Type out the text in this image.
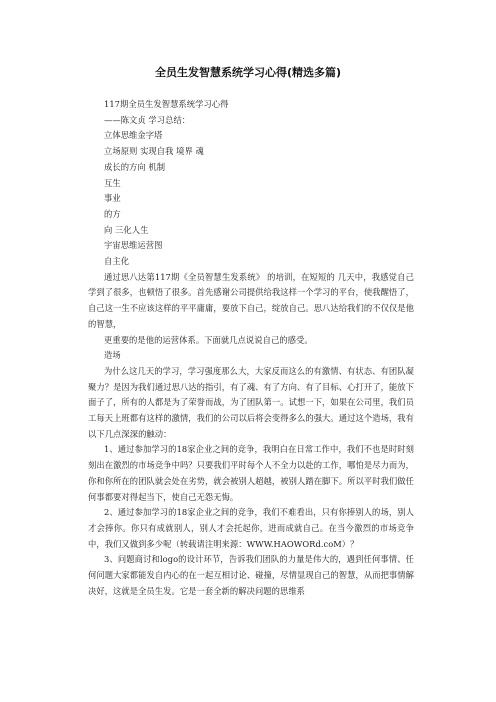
全员生发智慧系统学习心得(精选多篇)

117期全员生发智慧系统学习心得

——陈文贞 学习总结：

立体思维金字塔

立场原则 实现自我 境界 魂

成长的方向 机制

互生

事业

的方

向 三化人生

宇宙思维运营图

自主化

通过思八达第117期《全员智慧生发系统》 的培训，在短短的 几天中，我感觉自己学到了很多，也顿悟了很多。首先感谢公司提供给我这样一个学习的平台，使我醒悟了，自己这一生不应该这样的平平庸庸，要放下自己，绽放自己。思八达给我们的不仅仅是他的智慧，

更重要的是他的运营体系。下面就几点说说自己的感受。

造场

为什么这几天的学习，学习强度那么大，大家反而这么的有激情、有状态、有团队凝聚力？是因为我们通过思八达的指引，有了魂、有了方向、有了目标、心打开了，能放下面子了，所有的人都是为了荣誉而战，为了团队第一。试想一下，如果在公司里，我们员工每天上班都有这样的激情，我们的公司以后将会变得多么的强大。通过这个造场，我有以下几点深深的触动：

1、通过参加学习的18家企业之间的竞争，我明白在日常工作中，我们不也是时时刻刻出在激烈的市场竞争中吗？只要我们平时每个人不全力以赴的工作，哪怕是尽力而为，你和你所在的团队就会处在劣势，就会被别人超越，被别人踏在脚下。所以平时我们做任何事都要对得起当下，使自己无怨无悔。

2、通过参加学习的18家企业之间的竞争，我们不难看出，只有你捧别人的场，别人才会捧你。你只有成就别人，别人才会托起你，进而成就自己。在当今激烈的市场竞争中，我们又做到多少呢（转载请注明来源：WWW.HAOWORd.coM）？

3、问题商讨和logo的设计环节，告诉我们团队的力量是伟大的，遇到任何事情、任何问题大家都能发自内心的在一起互相讨论、碰撞，尽情显现自己的智慧，从而把事情解决好，这就是全员生发。它是一套全新的解决问题的思维系
